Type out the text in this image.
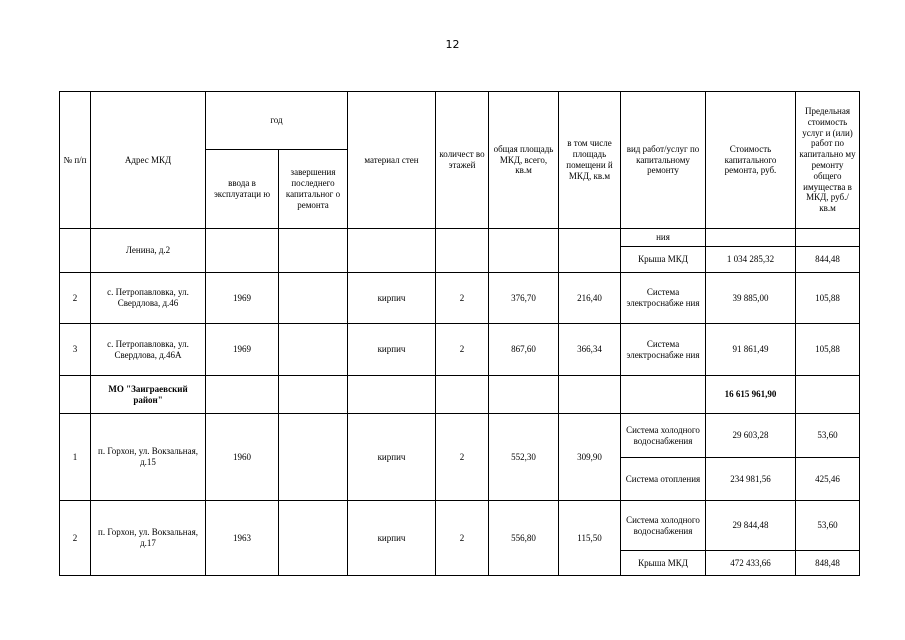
12
№ п/п	Адрес МКД	год		материал стен	количест во этажей	общая площадь МКД, всего, кв.м	в том числе площадь помещени й МКД, кв.м	вид работ/услуг по капитальному ремонту	Стоимость капитального ремонта, руб.	Предельная стоимость услуг и (или) работ по капитально му ремонту общего имущества в МКД, руб./кв.м
		ввода в эксплуатаци ю	завершения последнего капитальног о ремонта							
	Ленина, д.2							ния		
								Крыша МКД	1 034 285,32	844,48
2	с. Петропавловка, ул. Свердлова, д.46	1969		кирпич	2	376,70	216,40	Система электроснабже ния	39 885,00	105,88
3	с. Петропавловка, ул. Свердлова, д.46А	1969		кирпич	2	867,60	366,34	Система электроснабже ния	91 861,49	105,88
	МО "Заиграевский район"								16 615 961,90	
1	п. Горхон, ул. Вокзальная, д.15	1960		кирпич	2	552,30	309,90	Система холодного водоснабжения	29 603,28	53,60
								Система отопления	234 981,56	425,46
2	п. Горхон, ул. Вокзальная, д.17	1963		кирпич	2	556,80	115,50	Система холодного водоснабжения	29 844,48	53,60
								Крыша МКД	472 433,66	848,48
